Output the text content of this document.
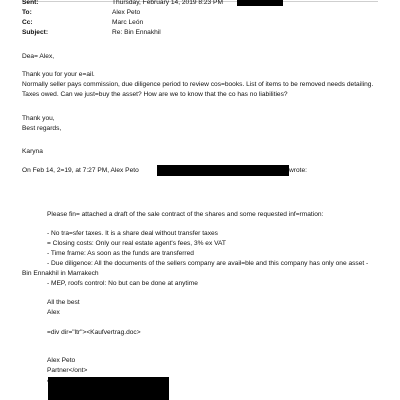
Sent:	Thursday, February 14, 2019 8:23 PM
To:	Alex Peto
Cc:	Marc León
Subject:	Re: Bin Ennakhil
Dea= Alex,
Thank you for your e=ail.
Normally seller pays commission, due diligence period to review cos=books. List of items to be removed needs detailing.
Taxes owed. Can we just=buy the asset? How are we to know that the co has no liabilities?
Thank you,
Best regards,
Karyna
On Feb 14, 2=19, at 7:27 PM, Alex Peto	wrote:
Please fin= attached a draft of the sale contract of the shares and some requested inf=rmation:
- No tra=sfer taxes. It is a share deal without transfer taxes
= Closing costs: Only our real estate agent's fees, 3% ex VAT
- Time frame: As soon as the funds are transferred
- Due diligence: All the documents of the sellers company are avail=ble and this company has only one asset -
Bin Ennakhil in Marrakech
- MEP, roofs control: No but can be done at anytime
All the best
Alex
=div dir="ltr"><Kaufvertrag.doc>
Alex Peto
Partner</ont>
